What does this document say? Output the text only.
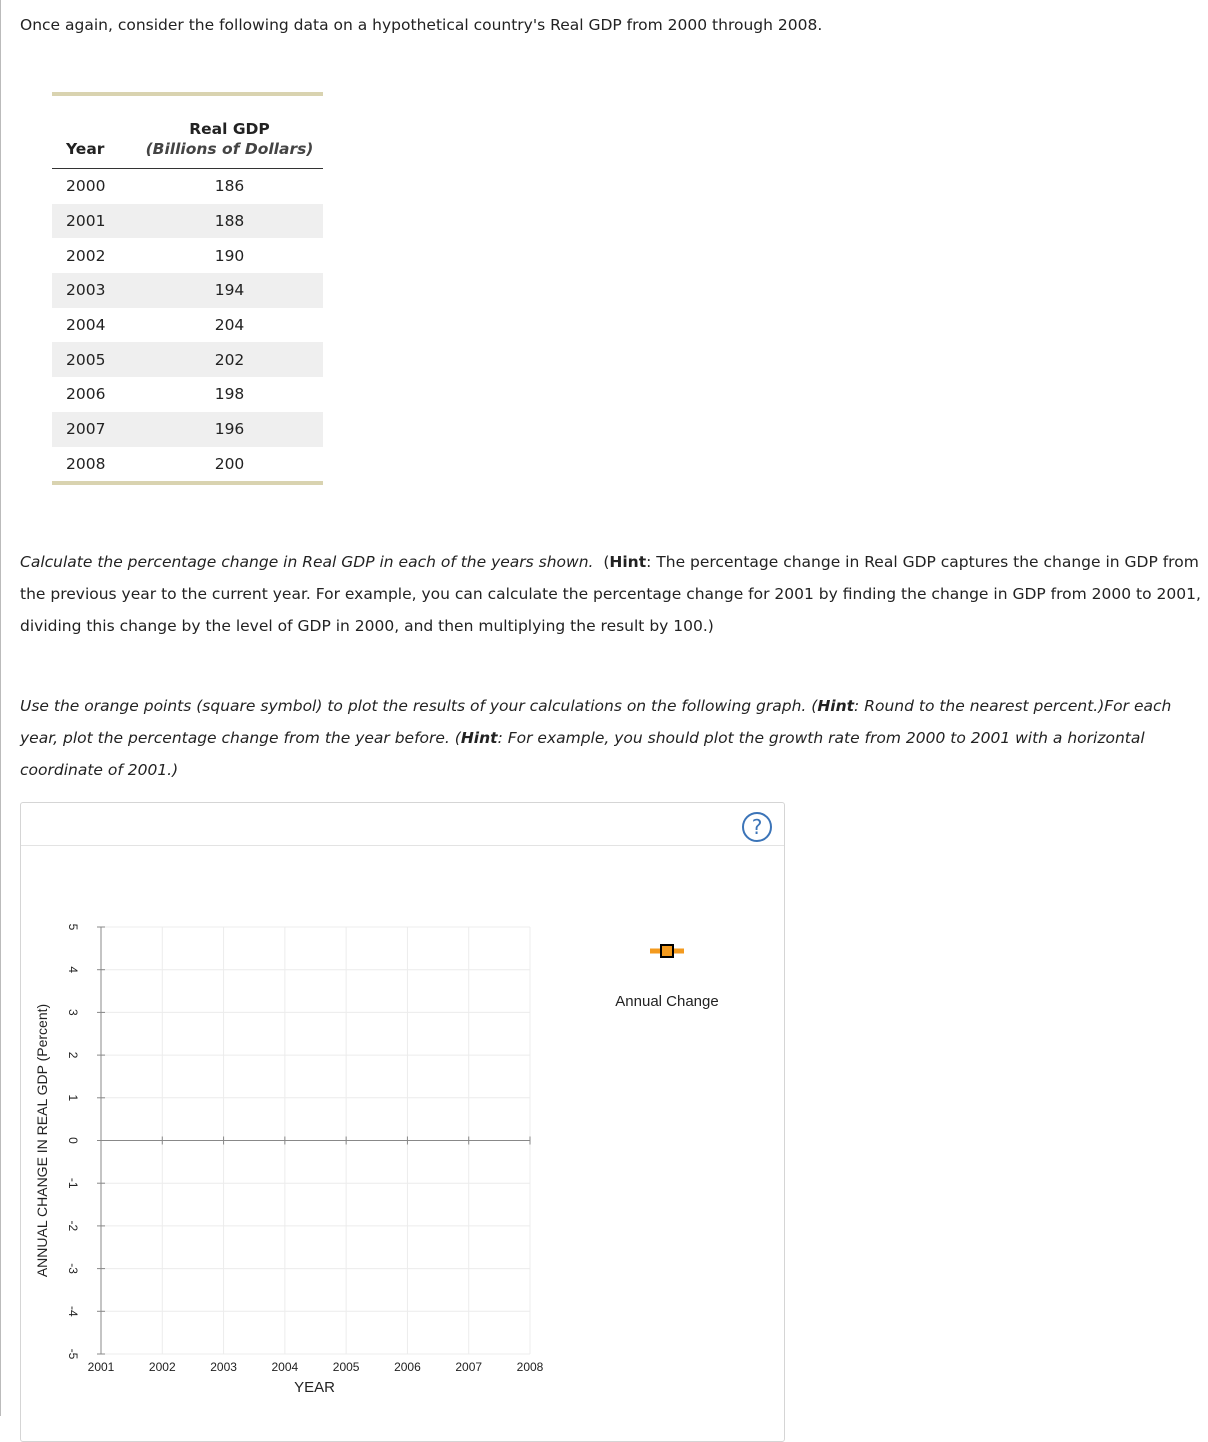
Once again, consider the following data on a hypothetical country's Real GDP from 2000 through 2008.

	Real GDP
Year	(Billions of Dollars)
2000	186
2001	188
2002	190
2003	194
2004	204
2005	202
2006	198
2007	196
2008	200

Calculate the percentage change in Real GDP in each of the years shown. (Hint: The percentage change in Real GDP captures the change in GDP from the previous year to the current year. For example, you can calculate the percentage change for 2001 by finding the change in GDP from 2000 to 2001, dividing this change by the level of GDP in 2000, and then multiplying the result by 100.)

Use the orange points (square symbol) to plot the results of your calculations on the following graph. (Hint: Round to the nearest percent.)For each year, plot the percentage change from the year before. (Hint: For example, you should plot the growth rate from 2000 to 2001 with a horizontal coordinate of 2001.)

?
5
4
3
2
1
0
-1
-2
-3
-4
-5
2001	2002	2003	2004	2005	2006	2007	2008
YEAR
ANNUAL CHANGE IN REAL GDP (Percent)
Annual Change
